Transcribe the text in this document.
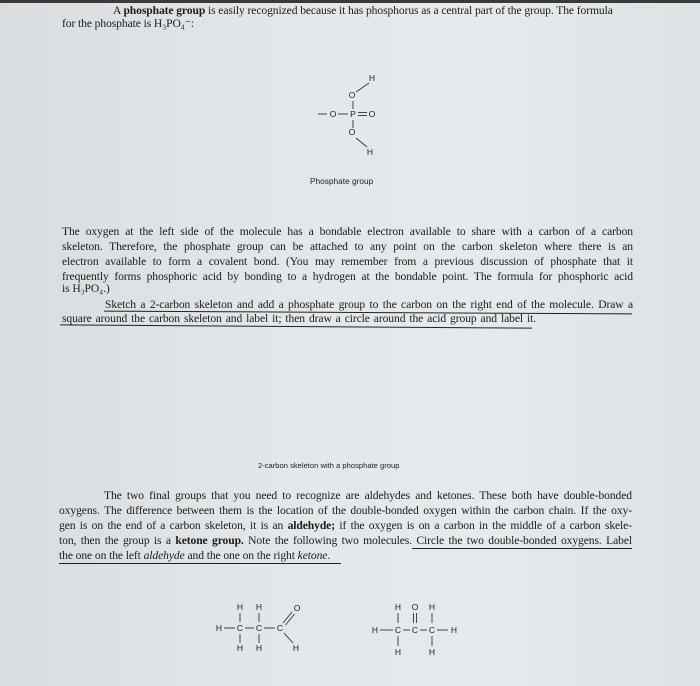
A phosphate group is easily recognized because it has phosphorus as a central part of the group. The formula
for the phosphate is H₃PO₄⁻:
H
O
O P O
O
H
Phosphate group
The oxygen at the left side of the molecule has a bondable electron available to share with a carbon of a carbon
skeleton. Therefore, the phosphate group can be attached to any point on the carbon skeleton where there is an
electron available to form a covalent bond. (You may remember from a previous discussion of phosphate that it
frequently forms phosphoric acid by bonding to a hydrogen at the bondable point. The formula for phosphoric acid
is H₃PO₄.)
Sketch a 2-carbon skeleton and add a phosphate group to the carbon on the right end of the molecule. Draw a
square around the carbon skeleton and label it; then draw a circle around the acid group and label it.
2-carbon skeleton with a phosphate group
The two final groups that you need to recognize are aldehydes and ketones. These both have double-bonded
oxygens. The difference between them is the location of the double-bonded oxygen within the carbon chain. If the oxy-
gen is on the end of a carbon skeleton, it is an aldehyde; if the oxygen is on a carbon in the middle of a carbon skele-
ton, then the group is a ketone group. Note the following two molecules. Circle the two double-bonded oxygens. Label
the one on the left aldehyde and the one on the right ketone.
H H
H C C C
O
H
H H
H O H
H C C C H
H	H
